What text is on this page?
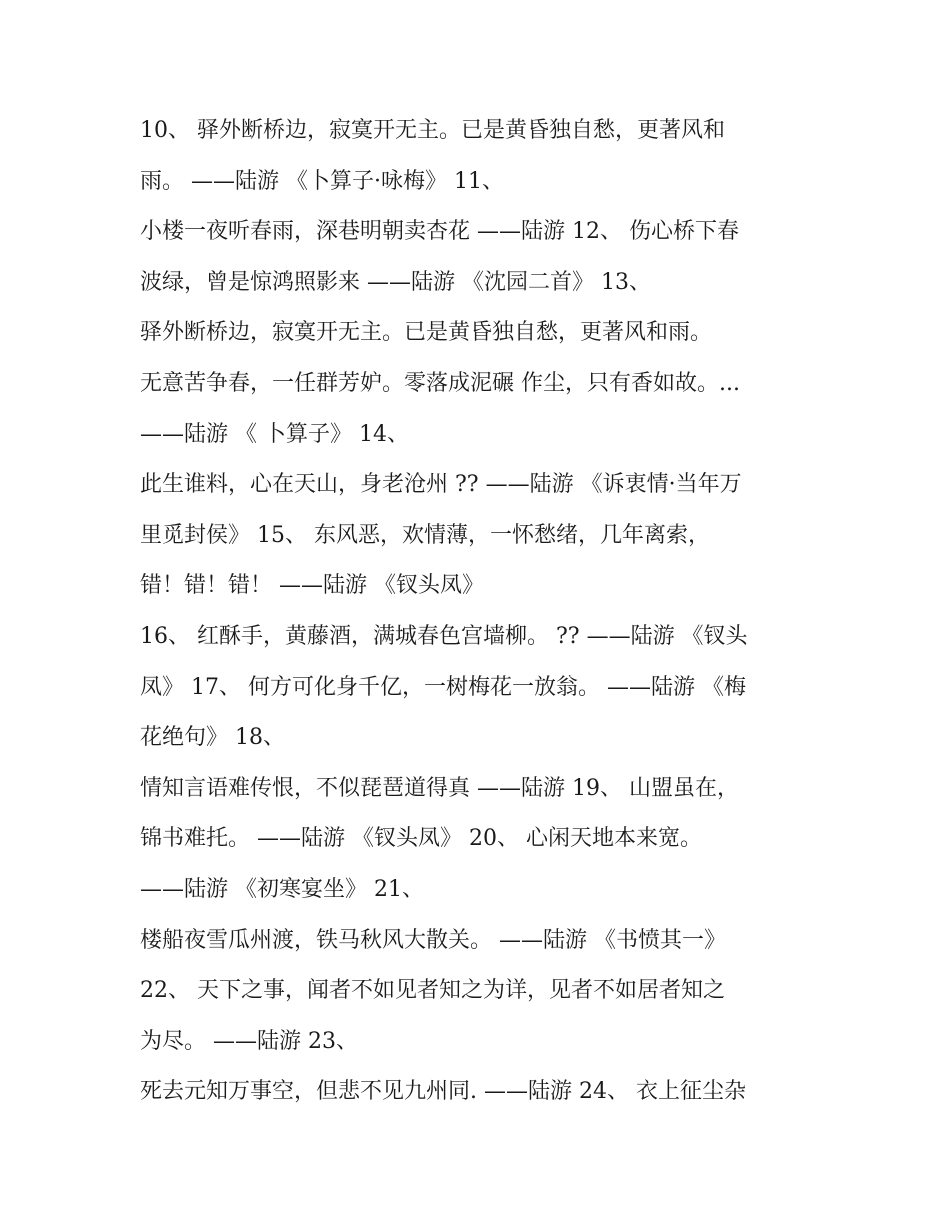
10、 驿外断桥边，寂寞开无主。已是黄昏独自愁，更著风和
雨。 ——陆游 《卜算子·咏梅》 11、
小楼一夜听春雨，深巷明朝卖杏花 ——陆游 12、 伤心桥下春
波绿，曾是惊鸿照影来 ——陆游 《沈园二首》 13、
驿外断桥边，寂寞开无主。已是黄昏独自愁，更著风和雨。
无意苦争春，一任群芳妒。零落成泥碾 作尘，只有香如故。...
——陆游 《 卜算子》 14、
此生谁料，心在天山，身老沧州 ?? ——陆游 《诉衷情·当年万
里觅封侯》 15、 东风恶，欢情薄，一怀愁绪，几年离索，
错！错！错！ ——陆游 《钗头凤》
16、 红酥手，黄藤酒，满城春色宫墙柳。 ?? ——陆游 《钗头
凤》 17、 何方可化身千亿，一树梅花一放翁。 ——陆游 《梅
花绝句》 18、
情知言语难传恨，不似琵琶道得真 ——陆游 19、 山盟虽在，
锦书难托。 ——陆游 《钗头凤》 20、 心闲天地本来宽。
——陆游 《初寒宴坐》 21、
楼船夜雪瓜州渡，铁马秋风大散关。 ——陆游 《书愤其一》
22、 天下之事，闻者不如见者知之为详，见者不如居者知之
为尽。 ——陆游 23、
死去元知万事空，但悲不见九州同. ——陆游 24、 衣上征尘杂
